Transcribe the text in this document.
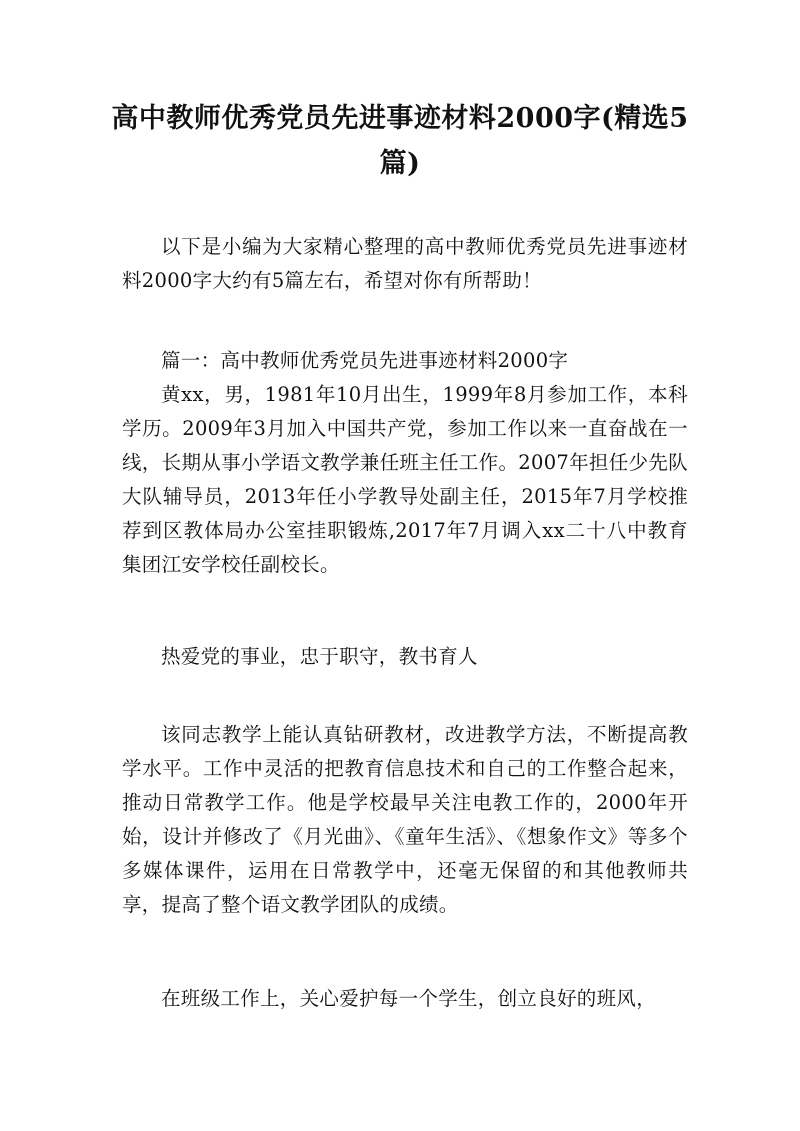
高中教师优秀党员先进事迹材料2000字(精选5篇)

以下是小编为大家精心整理的高中教师优秀党员先进事迹材料2000字大约有5篇左右，希望对你有所帮助！

篇一：高中教师优秀党员先进事迹材料2000字

黄xx，男，1981年10月出生，1999年8月参加工作，本科学历。2009年3月加入中国共产党，参加工作以来一直奋战在一线，长期从事小学语文教学兼任班主任工作。2007年担任少先队大队辅导员，2013年任小学教导处副主任，2015年7月学校推荐到区教体局办公室挂职锻炼,2017年7月调入xx二十八中教育集团江安学校任副校长。

热爱党的事业，忠于职守，教书育人

该同志教学上能认真钻研教材，改进教学方法，不断提高教学水平。工作中灵活的把教育信息技术和自己的工作整合起来，推动日常教学工作。他是学校最早关注电教工作的，2000年开始，设计并修改了《月光曲》、《童年生活》、《想象作文》等多个多媒体课件，运用在日常教学中，还毫无保留的和其他教师共享，提高了整个语文教学团队的成绩。

在班级工作上，关心爱护每一个学生，创立良好的班风，
